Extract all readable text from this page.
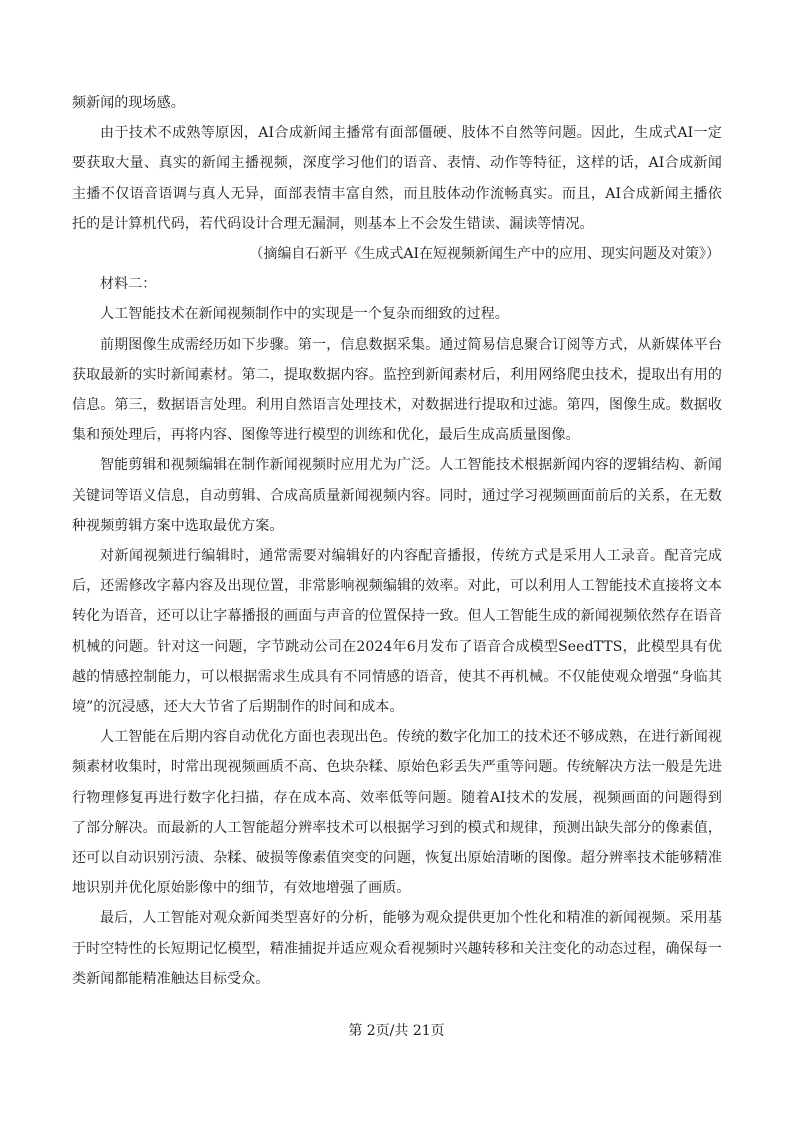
频新闻的现场感。

由于技术不成熟等原因，AI合成新闻主播常有面部僵硬、肢体不自然等问题。因此，生成式AI一定要获取大量、真实的新闻主播视频，深度学习他们的语音、表情、动作等特征，这样的话，AI合成新闻主播不仅语音语调与真人无异，面部表情丰富自然，而且肢体动作流畅真实。而且，AI合成新闻主播依托的是计算机代码，若代码设计合理无漏洞，则基本上不会发生错读、漏读等情况。

（摘编自石新平《生成式AI在短视频新闻生产中的应用、现实问题及对策》）

材料二：

人工智能技术在新闻视频制作中的实现是一个复杂而细致的过程。

前期图像生成需经历如下步骤。第一，信息数据采集。通过简易信息聚合订阅等方式，从新媒体平台获取最新的实时新闻素材。第二，提取数据内容。监控到新闻素材后，利用网络爬虫技术，提取出有用的信息。第三，数据语言处理。利用自然语言处理技术，对数据进行提取和过滤。第四，图像生成。数据收集和预处理后，再将内容、图像等进行模型的训练和优化，最后生成高质量图像。

智能剪辑和视频编辑在制作新闻视频时应用尤为广泛。人工智能技术根据新闻内容的逻辑结构、新闻关键词等语义信息，自动剪辑、合成高质量新闻视频内容。同时，通过学习视频画面前后的关系，在无数种视频剪辑方案中选取最优方案。

对新闻视频进行编辑时，通常需要对编辑好的内容配音播报，传统方式是采用人工录音。配音完成后，还需修改字幕内容及出现位置，非常影响视频编辑的效率。对此，可以利用人工智能技术直接将文本转化为语音，还可以让字幕播报的画面与声音的位置保持一致。但人工智能生成的新闻视频依然存在语音机械的问题。针对这一问题，字节跳动公司在2024年6月发布了语音合成模型SeedTTS，此模型具有优越的情感控制能力，可以根据需求生成具有不同情感的语音，使其不再机械。不仅能使观众增强“身临其境”的沉浸感，还大大节省了后期制作的时间和成本。

人工智能在后期内容自动优化方面也表现出色。传统的数字化加工的技术还不够成熟，在进行新闻视频素材收集时，时常出现视频画质不高、色块杂糅、原始色彩丢失严重等问题。传统解决方法一般是先进行物理修复再进行数字化扫描，存在成本高、效率低等问题。随着AI技术的发展，视频画面的问题得到了部分解决。而最新的人工智能超分辨率技术可以根据学习到的模式和规律，预测出缺失部分的像素值，还可以自动识别污渍、杂糅、破损等像素值突变的问题，恢复出原始清晰的图像。超分辨率技术能够精准地识别并优化原始影像中的细节，有效地增强了画质。

最后，人工智能对观众新闻类型喜好的分析，能够为观众提供更加个性化和精准的新闻视频。采用基于时空特性的长短期记忆模型，精准捕捉并适应观众看视频时兴趣转移和关注变化的动态过程，确保每一类新闻都能精准触达目标受众。

第 2页/共 21页
